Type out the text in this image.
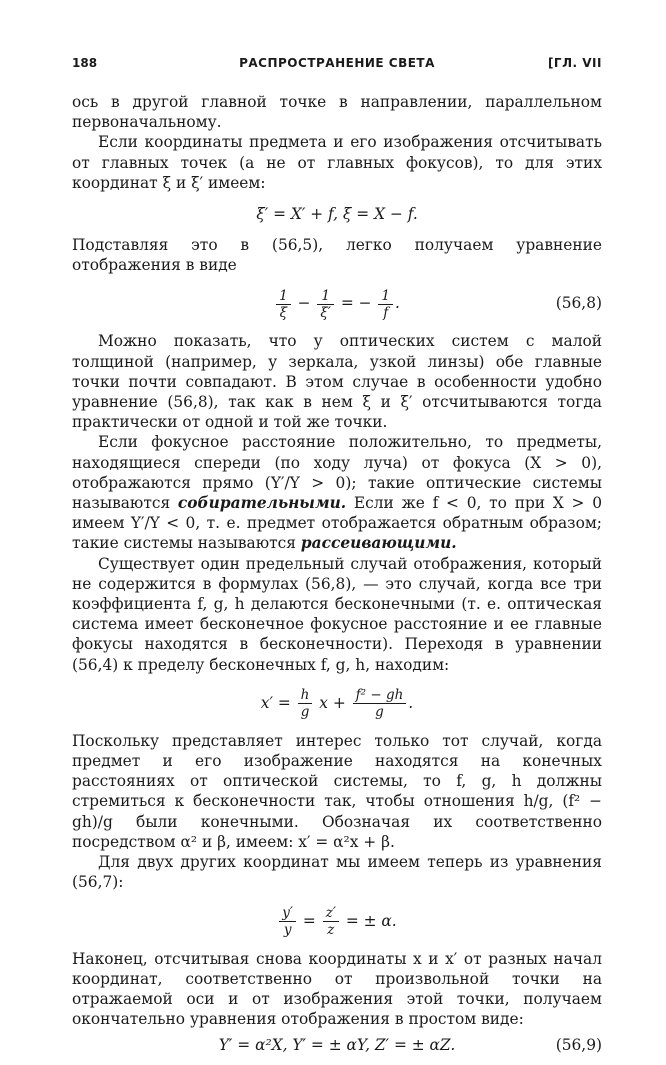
188	РАСПРОСТРАНЕНИЕ СВЕТА	[ГЛ. VII

ось в другой главной точке в направлении, параллельном первоначальному.

Если координаты предмета и его изображения отсчитывать от главных точек (а не от главных фокусов), то для этих координат ξ и ξ′ имеем:

ξ′ = X′ + f, ξ = X − f.

Подставляя это в (56,5), легко получаем уравнение отображения в виде

$\frac{1}{\xi} - \frac{1}{\xi'}$ = − $\frac{1}{f}$ .	(56,8)

Можно показать, что у оптических систем с малой толщиной (например, у зеркала, узкой линзы) обе главные точки почти совпадают. В этом случае в особенности удобно уравнение (56,8), так как в нем ξ и ξ′ отсчитываются тогда практически от одной и той же точки.

Если фокусное расстояние положительно, то предметы, находящиеся спереди (по ходу луча) от фокуса (X > 0), отображаются прямо (Y′/Y > 0); такие оптические системы называются собирательными. Если же f < 0, то при X > 0 имеем Y′/Y < 0, т. е. предмет отображается обратным образом; такие системы называются рассеивающими.

Существует один предельный случай отображения, который не содержится в формулах (56,8), — это случай, когда все три коэффициента f, g, h делаются бесконечными (т. е. оптическая система имеет бесконечное фокусное расстояние и ее главные фокусы находятся в бесконечности). Переходя в уравнении (56,4) к пределу бесконечных f, g, h, находим:

$x' = \frac{h}{g}$ $x + \frac{\text{f² − gh}}{g}$ .

Поскольку представляет интерес только тот случай, когда предмет и его изображение находятся на конечных расстояниях от оптической системы, то f, g, h должны стремиться к бесконечности так, чтобы отношения h/g, (f² − gh)/g были конечными. Обозначая их соответственно посредством α² и β, имеем: x′ = α²x + β.

Для двух других координат мы имеем теперь из уравнения (56,7):

$\frac{y'}{y} = \frac{z'}{z}$ = ± α.

Наконец, отсчитывая снова координаты x и x′ от разных начал координат, соответственно от произвольной точки на отражаемой оси и от изображения этой точки, получаем окончательно уравнения отображения в простом виде:

Y′ = α²X, Y′ = ± αY, Z′ = ± αZ.	(56,9)
